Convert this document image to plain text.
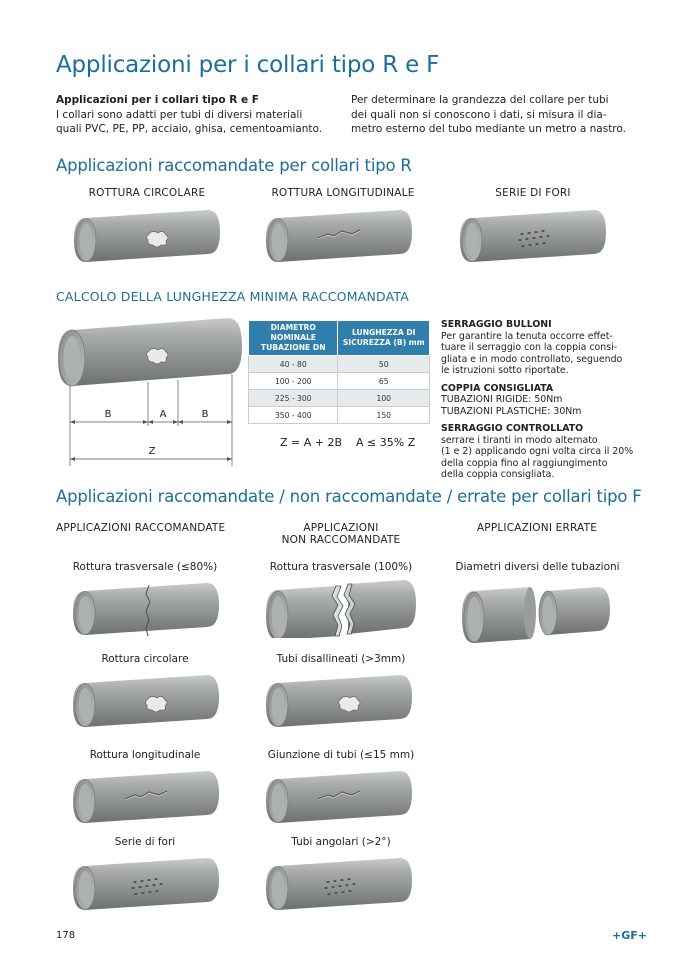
Applicazioni per i collari tipo R e F
Applicazioni per i collari tipo R e F
I collari sono adatti per tubi di diversi materiali
quali PVC, PE, PP, acciaio, ghisa, cementoamianto.
Per determinare la grandezza del collare per tubi
dei quali non si conoscono i dati, si misura il dia-
metro esterno del tubo mediante un metro a nastro.
Applicazioni raccomandate per collari tipo R
ROTTURA CIRCOLARE	ROTTURA LONGITUDINALE	SERIE DI FORI
CALCOLO DELLA LUNGHEZZA MINIMA RACCOMANDATA
B	A	B
Z
DIAMETRO NOMINALE TUBAZIONE DN	LUNGHEZZA DI SICUREZZA (B) mm
40 - 80	50
100 - 200	65
225 - 300	100
350 - 400	150
Z = A + 2B    A ≤ 35% Z
SERRAGGIO BULLONI
Per garantire la tenuta occorre effet-
tuare il serraggio con la coppia consi-
gliata e in modo controllato, seguendo
le istruzioni sotto riportate.
COPPIA CONSIGLIATA
TUBAZIONI RIGIDE: 50Nm
TUBAZIONI PLASTICHE: 30Nm
SERRAGGIO CONTROLLATO
serrare i tiranti in modo alternato
(1 e 2) applicando ogni volta circa il 20%
della coppia fino al raggiungimento
della coppia consigliata.
Applicazioni raccomandate / non raccomandate / errate per collari tipo F
APPLICAZIONI RACCOMANDATE	APPLICAZIONI
NON RACCOMANDATE
APPLICAZIONI ERRATE
Rottura trasversale (≤80%)
Rottura circolare
Rottura longitudinale
Serie di fori
Rottura trasversale (100%)
Tubi disallineati (>3mm)
Giunzione di tubi (≤15 mm)
Tubi angolari (>2°)
Diametri diversi delle tubazioni
178	+GF+
